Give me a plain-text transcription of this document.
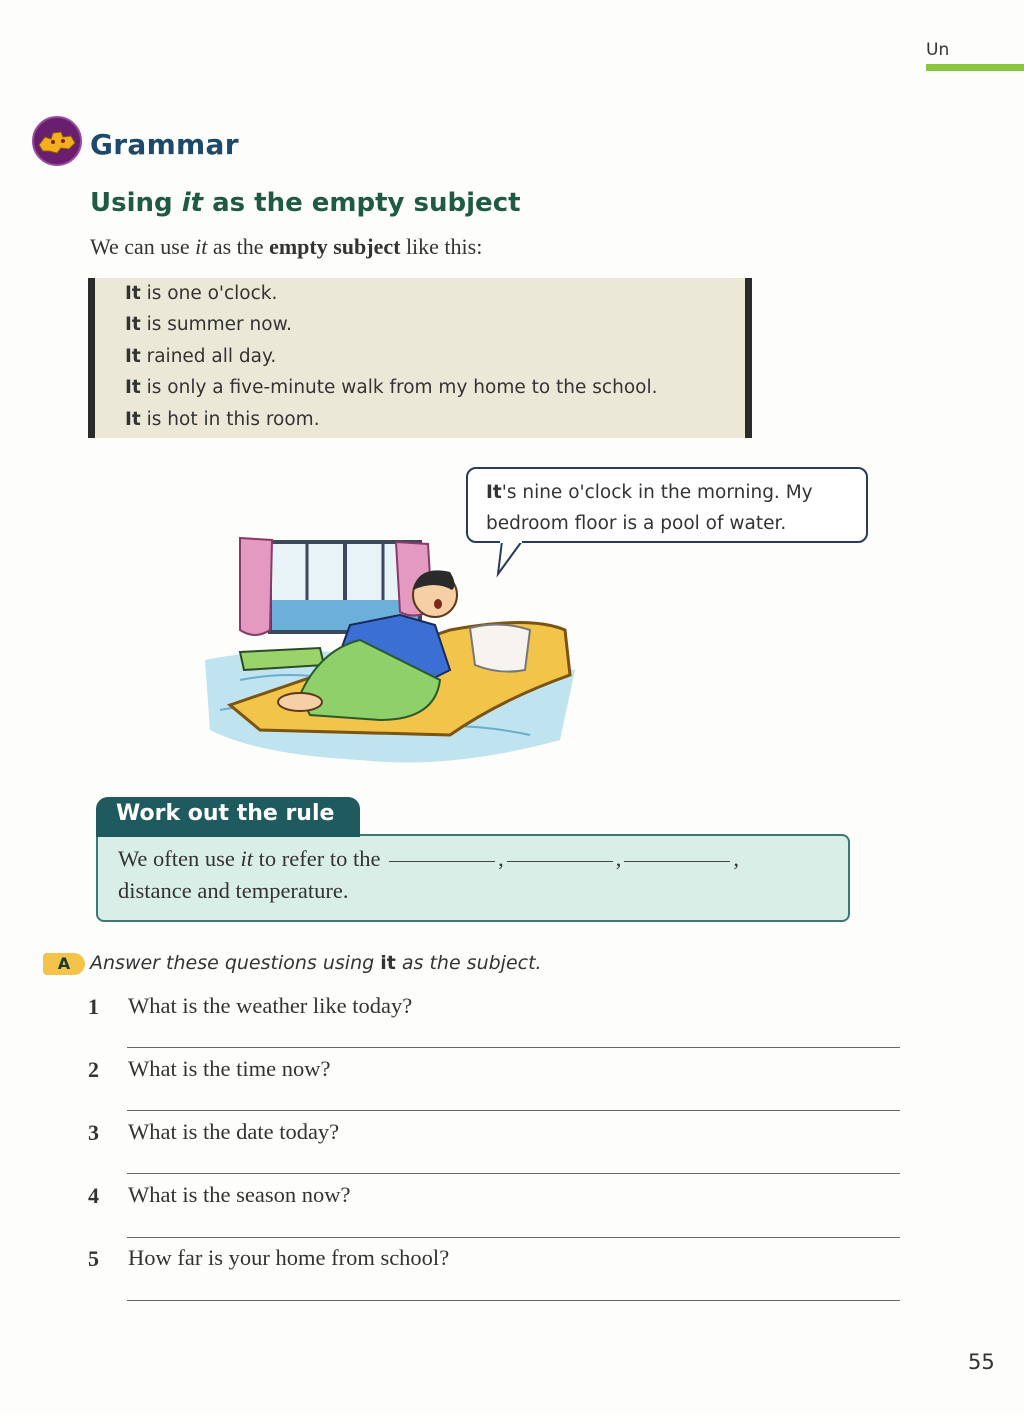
Un
Grammar
Using it as the empty subject
We can use it as the empty subject like this:
It is one o'clock.
It is summer now.
It rained all day.
It is only a five-minute walk from my home to the school.
It is hot in this room.
It's nine o'clock in the morning. My
bedroom floor is a pool of water.
Work out the rule
We often use it to refer to the	,	,	,
distance and temperature.
A	Answer these questions using it as the subject.
1 What is the weather like today?
2 What is the time now?
3 What is the date today?
4 What is the season now?
5 How far is your home from school?
55
